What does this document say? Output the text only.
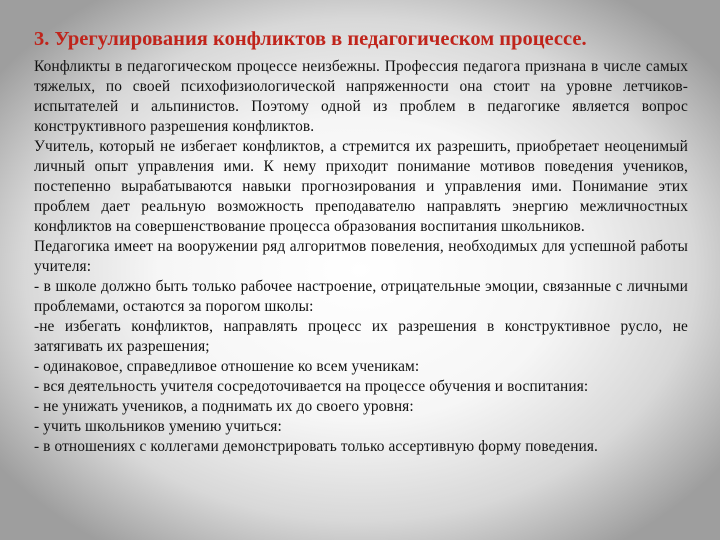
3. Урегулирования конфликтов в педагогическом процессе.

Конфликты в педагогическом процессе неизбежны. Профессия педагога признана в числе самых тяжелых, по своей психофизиологической напряженности она стоит на уровне летчиков-испытателей и альпинистов. Поэтому одной из проблем в педагогике является вопрос конструктивного разрешения конфликтов.

Учитель, который не избегает конфликтов, а стремится их разрешить, приобретает неоценимый личный опыт управления ими. К нему приходит понимание мотивов поведения учеников, постепенно вырабатываются навыки прогнозирования и управления ими. Понимание этих проблем дает реальную возможность преподавателю направлять энергию межличностных конфликтов на совершенствование процесса образования воспитания школьников.

Педагогика имеет на вооружении ряд алгоритмов повеления, необходимых для успешной работы учителя:

- в школе должно быть только рабочее настроение, отрицательные эмоции, связанные с личными проблемами, остаются за порогом школы:

-не избегать конфликтов, направлять процесс их разрешения в конструктивное русло, не затягивать их разрешения;

- одинаковое, справедливое отношение ко всем ученикам:

- вся деятельность учителя сосредоточивается на процессе обучения и воспитания:

- не унижать учеников, а поднимать их до своего уровня:

- учить школьников умению учиться:

- в отношениях с коллегами демонстрировать только ассертивную форму поведения.
